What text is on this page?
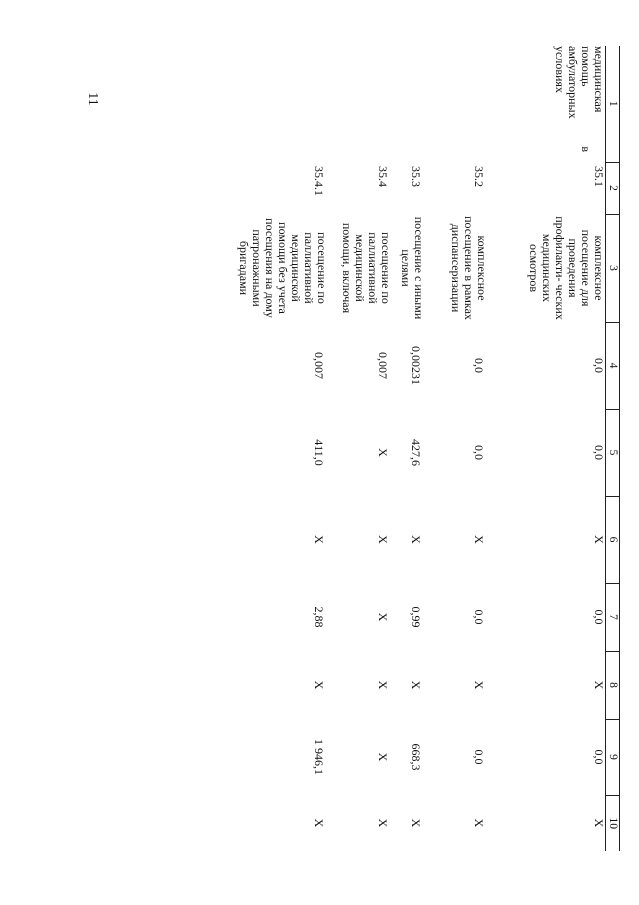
11	1	2	3	4	5	6	7	8	9	10

медицинская помощь в амбулаторных условиях	35.1	комплексное посещение для проведения профилакти- ческих медицинских осмотров	0,0	0,0	X	0,0	X	0,0	X
	35.2	комплексное посещение в рамках диспансеризации	0,0	0,0	X	0,0	X	0,0	X
	35.3	посещение с иными целями	0,00231	427,6	X	0,99	X	668,3	X
	35.4	посещение по паллиативной медицинской помощи, включая	0,007	X	X	X	X	X	X
	35.4.1	посещение по паллиативной медицинской помощи без учета посещения на дому патронажными бригадами	0,007	411,0	X	2,88	X	1 946,1	X
